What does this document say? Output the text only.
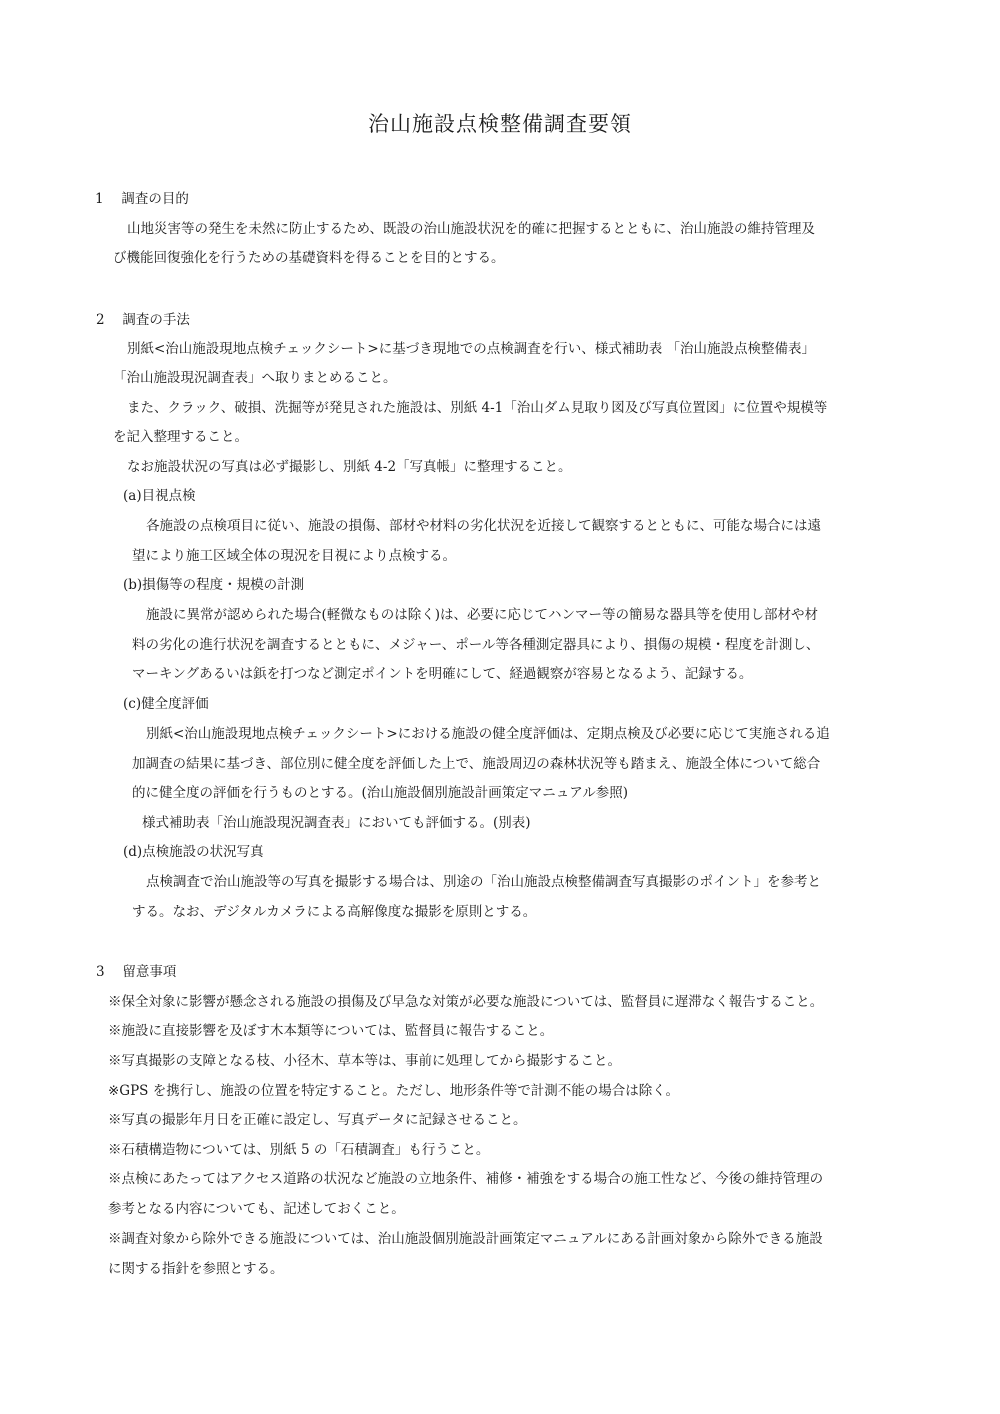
治山施設点検整備調査要領
1　 調査の目的
山地災害等の発生を未然に防止するため、既設の治山施設状況を的確に把握するとともに、治山施設の維持管理及
び機能回復強化を行うための基礎資料を得ることを目的とする。
2　 調査の手法
別紙<治山施設現地点検チェックシート>に基づき現地での点検調査を行い、様式補助表 「治山施設点検整備表」
「治山施設現況調査表」へ取りまとめること。
また、クラック、破損、洗掘等が発見された施設は、別紙 4-1「治山ダム見取り図及び写真位置図」に位置や規模等
を記入整理すること。
なお施設状況の写真は必ず撮影し、別紙 4-2「写真帳」に整理すること。
(a)目視点検
各施設の点検項目に従い、施設の損傷、部材や材料の劣化状況を近接して観察するとともに、可能な場合には遠
望により施工区域全体の現況を目視により点検する。
(b)損傷等の程度・規模の計測
施設に異常が認められた場合(軽微なものは除く)は、必要に応じてハンマー等の簡易な器具等を使用し部材や材
料の劣化の進行状況を調査するとともに、メジャー、ポール等各種測定器具により、損傷の規模・程度を計測し、
マーキングあるいは鋲を打つなど測定ポイントを明確にして、経過観察が容易となるよう、記録する。
(c)健全度評価
別紙<治山施設現地点検チェックシート>における施設の健全度評価は、定期点検及び必要に応じて実施される追
加調査の結果に基づき、部位別に健全度を評価した上で、施設周辺の森林状況等も踏まえ、施設全体について総合
的に健全度の評価を行うものとする。(治山施設個別施設計画策定マニュアル参照)
様式補助表「治山施設現況調査表」においても評価する。(別表)
(d)点検施設の状況写真
点検調査で治山施設等の写真を撮影する場合は、別途の「治山施設点検整備調査写真撮影のポイント」を参考と
する。なお、デジタルカメラによる高解像度な撮影を原則とする。
3　 留意事項
※保全対象に影響が懸念される施設の損傷及び早急な対策が必要な施設については、監督員に遅滞なく報告すること。
※施設に直接影響を及ぼす木本類等については、監督員に報告すること。
※写真撮影の支障となる枝、小径木、草本等は、事前に処理してから撮影すること。
※GPS を携行し、施設の位置を特定すること。ただし、地形条件等で計測不能の場合は除く。
※写真の撮影年月日を正確に設定し、写真データに記録させること。
※石積構造物については、別紙 5 の「石積調査」も行うこと。
※点検にあたってはアクセス道路の状況など施設の立地条件、補修・補強をする場合の施工性など、今後の維持管理の
参考となる内容についても、記述しておくこと。
※調査対象から除外できる施設については、治山施設個別施設計画策定マニュアルにある計画対象から除外できる施設
に関する指針を参照とする。
